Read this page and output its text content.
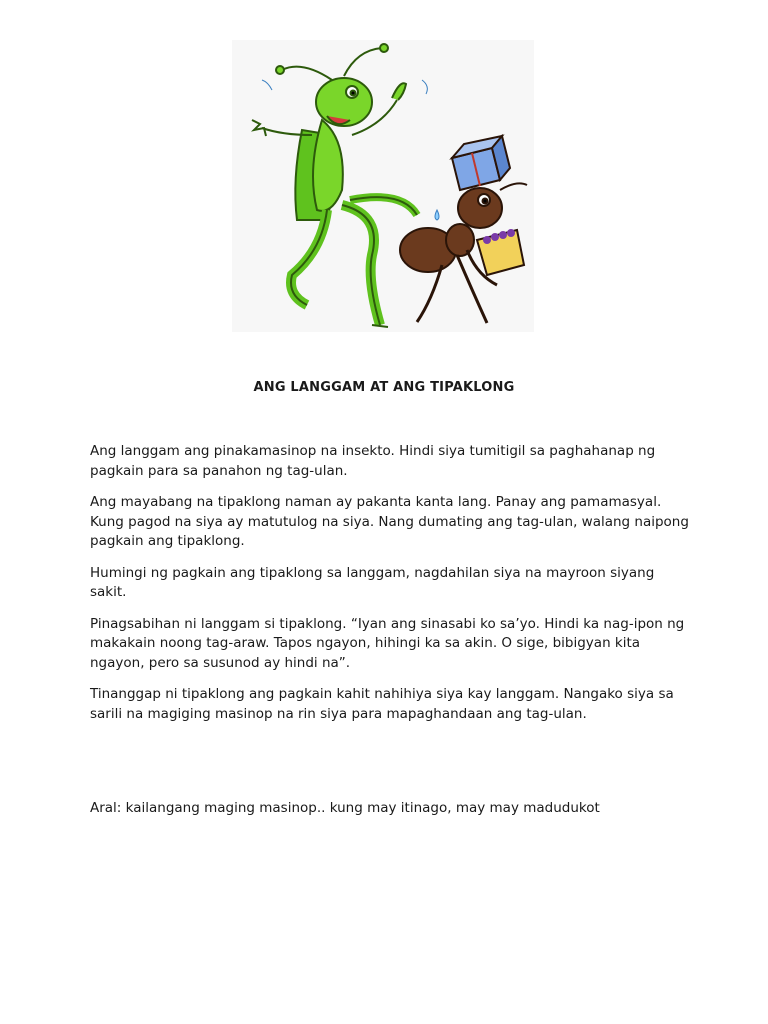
ANG LANGGAM AT ANG TIPAKLONG

Ang langgam ang pinakamasinop na insekto. Hindi siya tumitigil sa paghahanap ng pagkain para sa panahon ng tag-ulan.

Ang mayabang na tipaklong naman ay pakanta kanta lang. Panay ang pamamasyal. Kung pagod na siya ay matutulog na siya. Nang dumating ang tag-ulan, walang naipong pagkain ang tipaklong.

Humingi ng pagkain ang tipaklong sa langgam, nagdahilan siya na mayroon siyang sakit.

Pinagsabihan ni langgam si tipaklong. “Iyan ang sinasabi ko sa’yo. Hindi ka nag-ipon ng makakain noong tag-araw. Tapos ngayon, hihingi ka sa akin. O sige, bibigyan kita ngayon, pero sa susunod ay hindi na”.

Tinanggap ni tipaklong ang pagkain kahit nahihiya siya kay langgam. Nangako siya sa sarili na magiging masinop na rin siya para mapaghandaan ang tag-ulan.

Aral: kailangang maging masinop.. kung may itinago, may may madudukot
